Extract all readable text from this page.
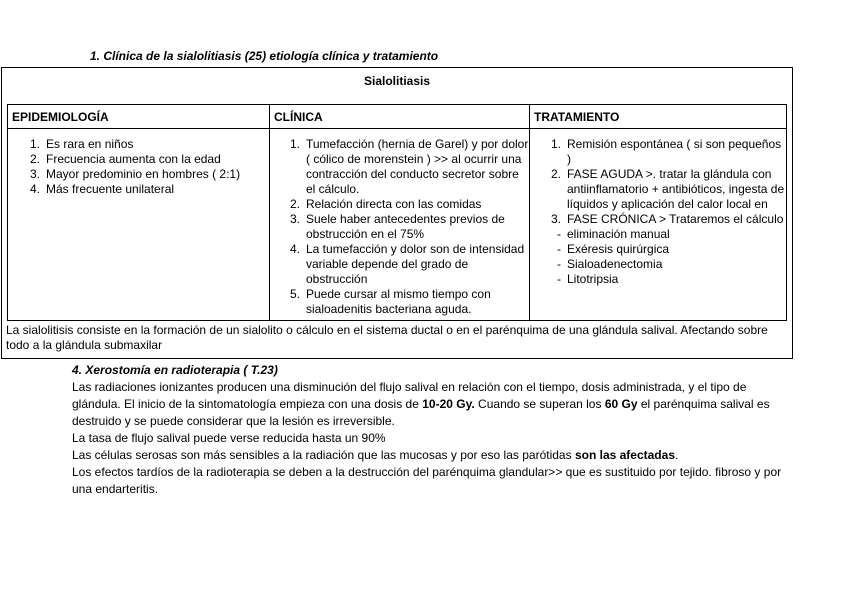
1. Clínica de la sialolitiasis (25) etiología clínica y tratamiento
Sialolitiasis
EPIDEMIOLOGÍA
1. Es rara en niños
2. Frecuencia aumenta con la edad
3. Mayor predominio en hombres ( 2:1)
4. Más frecuente unilateral
CLÍNICA
1. Tumefacción (hernia de Garel) y por dolor ( cólico de morenstein ) >> al ocurrir una contracción del conducto secretor sobre el cálculo.
2. Relación directa con las comidas
3. Suele haber antecedentes previos de obstrucción en el 75%
4. La tumefacción y dolor son de intensidad variable depende del grado de obstrucción
5. Puede cursar al mismo tiempo con sialoadenitis bacteriana aguda.
TRATAMIENTO
1. Remisión espontánea ( si son pequeños )
2. FASE AGUDA >. tratar la glándula con antiinflamatorio + antibióticos, ingesta de líquidos y aplicación del calor local en
3. FASE CRÓNICA > Trataremos el cálculo
- eliminación manual
- Exéresis quirúrgica
- Sialoadenectomia
- Litotripsia
La sialolitisis consiste en la formación de un sialolito o cálculo en el sistema ductal o en el parénquima de una glándula salival. Afectando sobre todo a la glándula submaxilar

4. Xerostomía en radioterapia ( T.23)

Las radiaciones ionizantes producen una disminución del flujo salival en relación con el tiempo, dosis administrada, y el tipo de glándula. El inicio de la sintomatología empieza con una dosis de 10-20 Gy. Cuando se superan los 60 Gy el parénquima salival es destruido y se puede considerar que la lesión es irreversible.

La tasa de flujo salival puede verse reducida hasta un 90%

Las células serosas son más sensibles a la radiación que las mucosas y por eso las parótidas son las afectadas.

Los efectos tardíos de la radioterapia se deben a la destrucción del parénquima glandular>> que es sustituido por tejido. fibroso y por una endarteritis.
